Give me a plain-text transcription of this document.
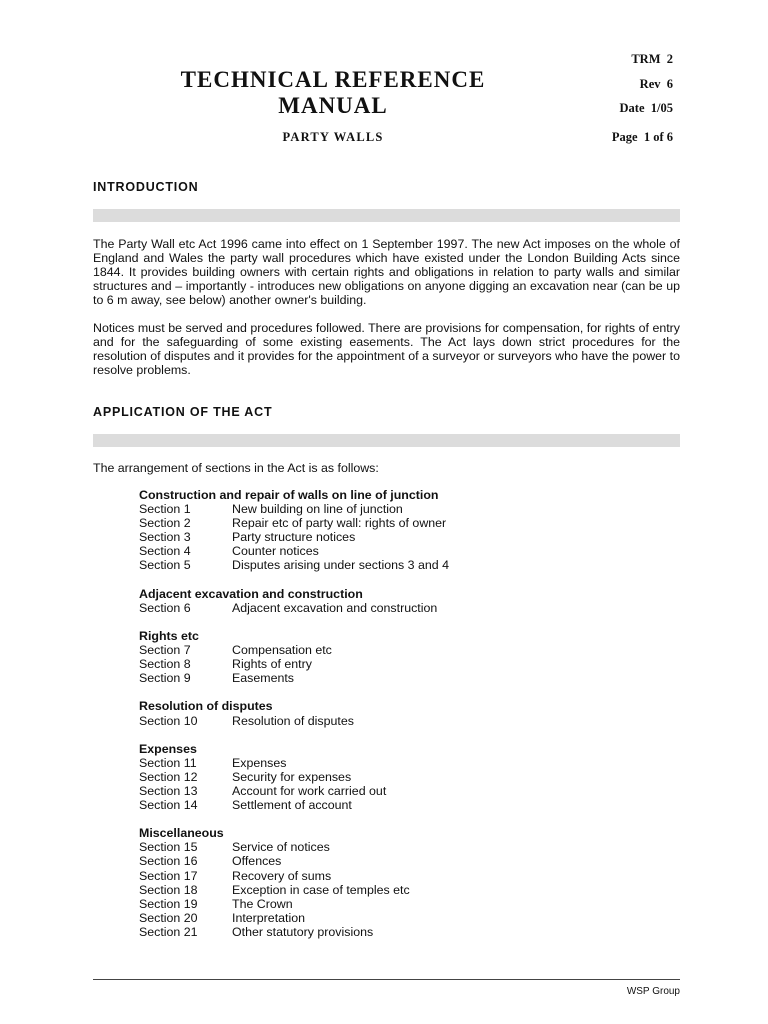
TECHNICAL REFERENCE
MANUAL
PARTY WALLS
TRM  2
Rev  6
Date  1/05
Page  1 of 6
INTRODUCTION

The Party Wall etc Act 1996 came into effect on 1 September 1997. The new Act imposes on the whole of England and Wales the party wall procedures which have existed under the London Building Acts since 1844. It provides building owners with certain rights and obligations in relation to party walls and similar structures and – importantly - introduces new obligations on anyone digging an excavation near (can be up to 6 m away, see below) another owner's building.

Notices must be served and procedures followed. There are provisions for compensation, for rights of entry and for the safeguarding of some existing easements. The Act lays down strict procedures for the resolution of disputes and it provides for the appointment of a surveyor or surveyors who have the power to resolve problems.

APPLICATION OF THE ACT

The arrangement of sections in the Act is as follows:

Construction and repair of walls on line of junction
Section 1	New building on line of junction
Section 2	Repair etc of party wall: rights of owner
Section 3	Party structure notices
Section 4	Counter notices
Section 5	Disputes arising under sections 3 and 4
Adjacent excavation and construction
Section 6	Adjacent excavation and construction
Rights etc
Section 7	Compensation etc
Section 8	Rights of entry
Section 9	Easements
Resolution of disputes
Section 10	Resolution of disputes
Expenses
Section 11	Expenses
Section 12	Security for expenses
Section 13	Account for work carried out
Section 14	Settlement of account
Miscellaneous
Section 15	Service of notices
Section 16	Offences
Section 17	Recovery of sums
Section 18	Exception in case of temples etc
Section 19	The Crown
Section 20	Interpretation
Section 21	Other statutory provisions
WSP Group
